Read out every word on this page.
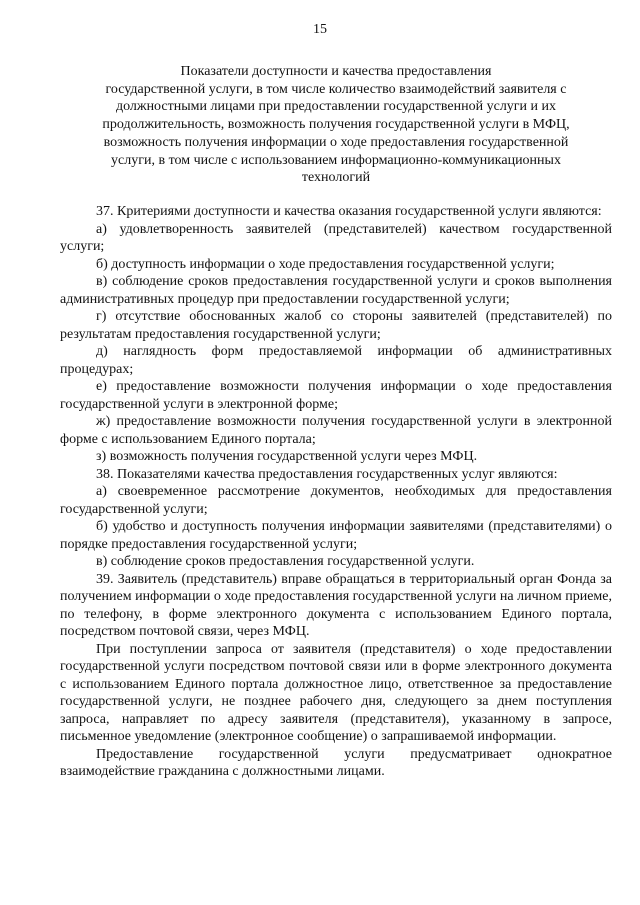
15
Показатели доступности и качества предоставления
государственной услуги, в том числе количество взаимодействий заявителя с
должностными лицами при предоставлении государственной услуги и их
продолжительность, возможность получения государственной услуги в МФЦ,
возможность получения информации о ходе предоставления государственной
услуги, в том числе с использованием информационно-коммуникационных
технологий

37. Критериями доступности и качества оказания государственной услуги являются:

а) удовлетворенность заявителей (представителей) качеством государственной услуги;

б) доступность информации о ходе предоставления государственной услуги;

в) соблюдение сроков предоставления государственной услуги и сроков выполнения административных процедур при предоставлении государственной услуги;

г) отсутствие обоснованных жалоб со стороны заявителей (представителей) по результатам предоставления государственной услуги;

д) наглядность форм предоставляемой информации об административных процедурах;

е) предоставление возможности получения информации о ходе предоставления государственной услуги в электронной форме;

ж) предоставление возможности получения государственной услуги в электронной форме с использованием Единого портала;

з) возможность получения государственной услуги через МФЦ.

38. Показателями качества предоставления государственных услуг являются:

а) своевременное рассмотрение документов, необходимых для предоставления государственной услуги;

б) удобство и доступность получения информации заявителями (представителями) о порядке предоставления государственной услуги;

в) соблюдение сроков предоставления государственной услуги.

39. Заявитель (представитель) вправе обращаться в территориальный орган Фонда за получением информации о ходе предоставления государственной услуги на личном приеме, по телефону, в форме электронного документа с использованием Единого портала, посредством почтовой связи, через МФЦ.

При поступлении запроса от заявителя (представителя) о ходе предоставлении государственной услуги посредством почтовой связи или в форме электронного документа с использованием Единого портала должностное лицо, ответственное за предоставление государственной услуги, не позднее рабочего дня, следующего за днем поступления запроса, направляет по адресу заявителя (представителя), указанному в запросе, письменное уведомление (электронное сообщение) о запрашиваемой информации.

Предоставление государственной услуги предусматривает однократное взаимодействие гражданина с должностными лицами.
